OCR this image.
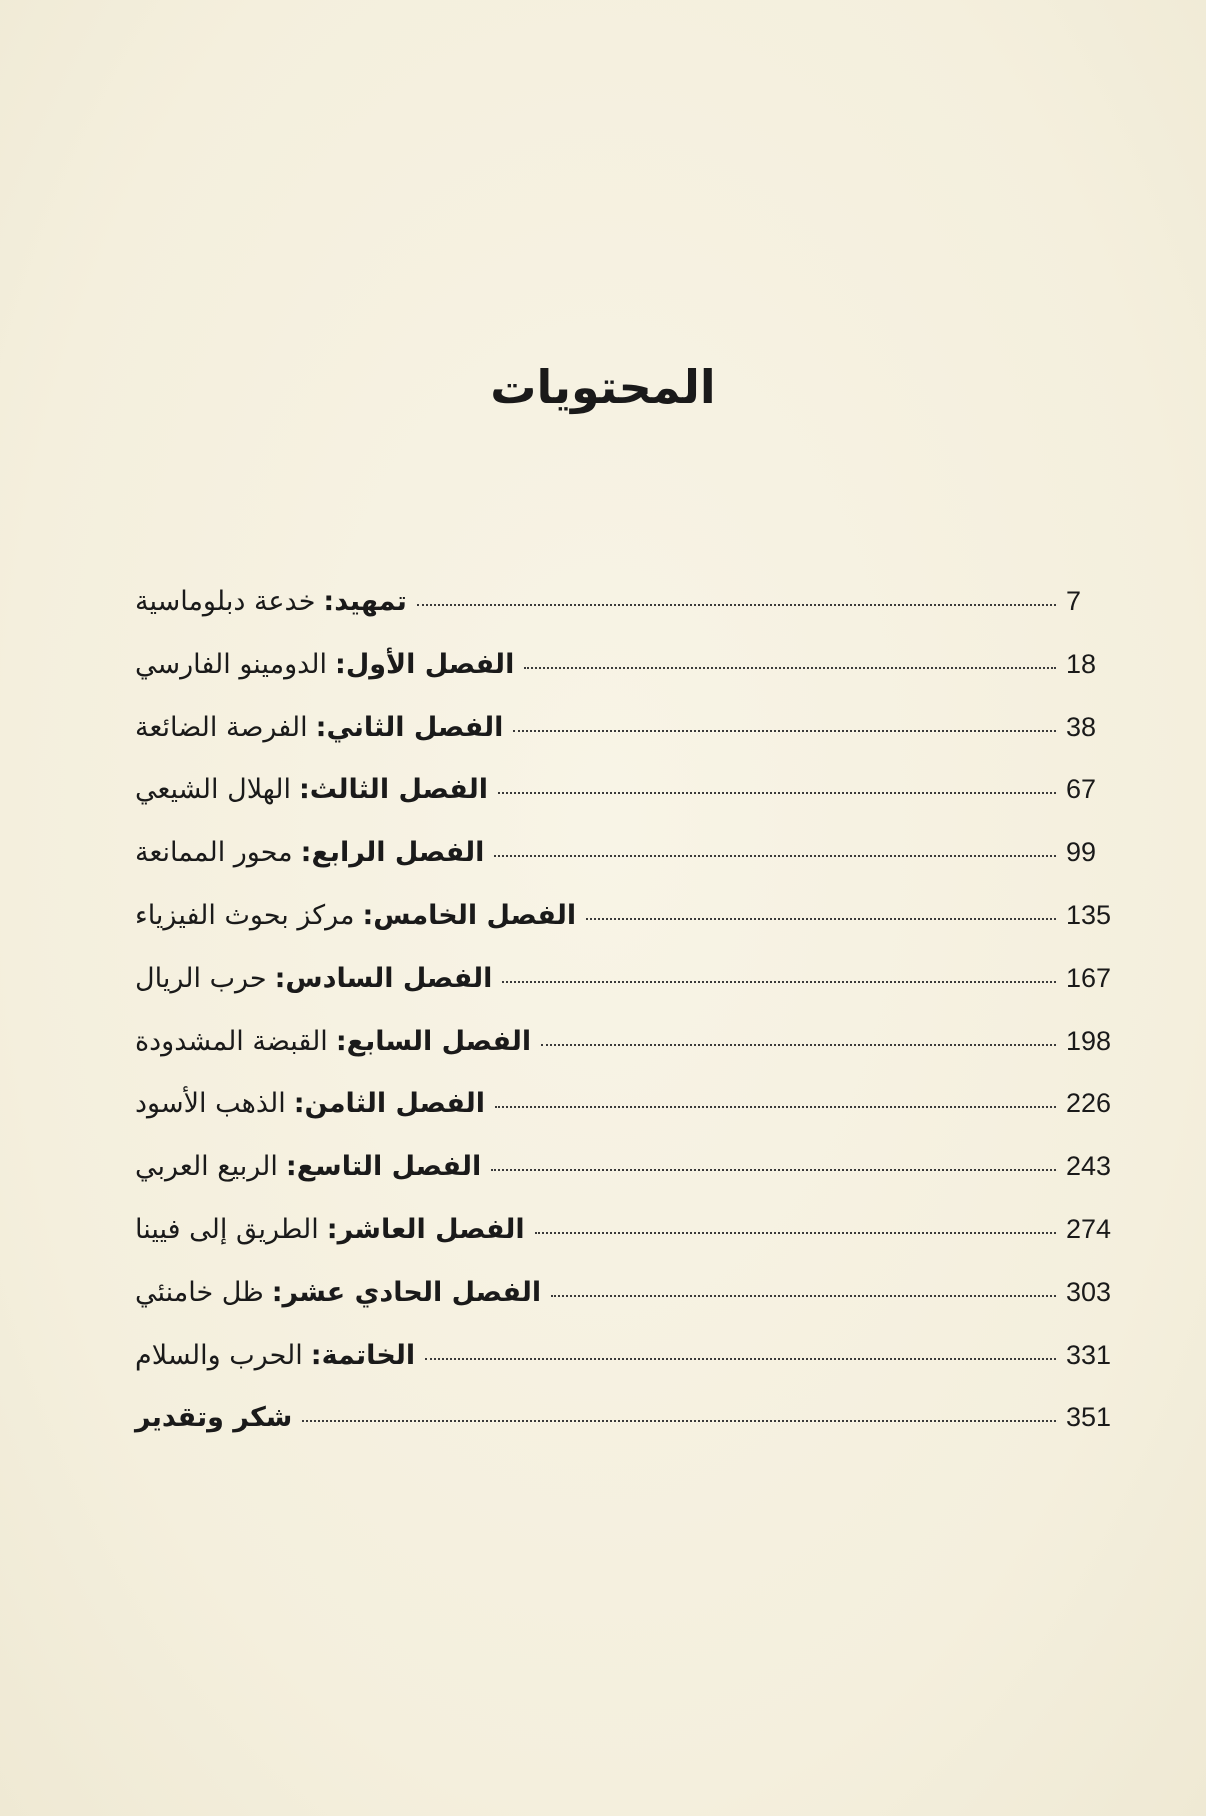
المحتويات
تمهيد:خدعة دبلوماسية	7
الفصل الأول:الدومينو الفارسي	18
الفصل الثاني:الفرصة الضائعة	38
الفصل الثالث:الهلال الشيعي	67
الفصل الرابع:محور الممانعة	99
الفصل الخامس:مركز بحوث الفيزياء	135
الفصل السادس:حرب الريال	167
الفصل السابع:القبضة المشدودة	198
الفصل الثامن:الذهب الأسود	226
الفصل التاسع:الربيع العربي	243
الفصل العاشر:الطريق إلى فيينا	274
الفصل الحادي عشر:ظل خامنئي	303
الخاتمة:الحرب والسلام	331
شكر وتقدير	351
